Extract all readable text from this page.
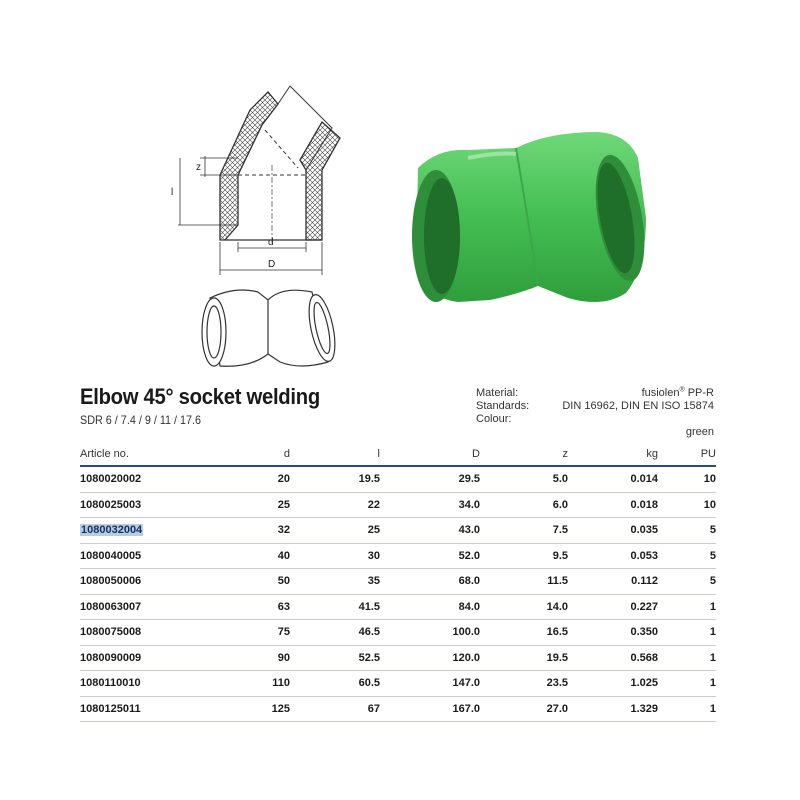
z
l
d
D
Elbow 45° socket welding
SDR 6 / 7.4 / 9 / 11 / 17.6
Material:	fusiolen® PP-R
Standards:	DIN 16962, DIN EN ISO 15874
Colour:
green
Article no.	d	l	D	z	kg	PU
1080020002	20	19.5	29.5	5.0	0.014	10
1080025003	25	22	34.0	6.0	0.018	10
1080032004	32	25	43.0	7.5	0.035	5
1080040005	40	30	52.0	9.5	0.053	5
1080050006	50	35	68.0	11.5	0.112	5
1080063007	63	41.5	84.0	14.0	0.227	1
1080075008	75	46.5	100.0	16.5	0.350	1
1080090009	90	52.5	120.0	19.5	0.568	1
1080110010	110	60.5	147.0	23.5	1.025	1
1080125011	125	67	167.0	27.0	1.329	1
